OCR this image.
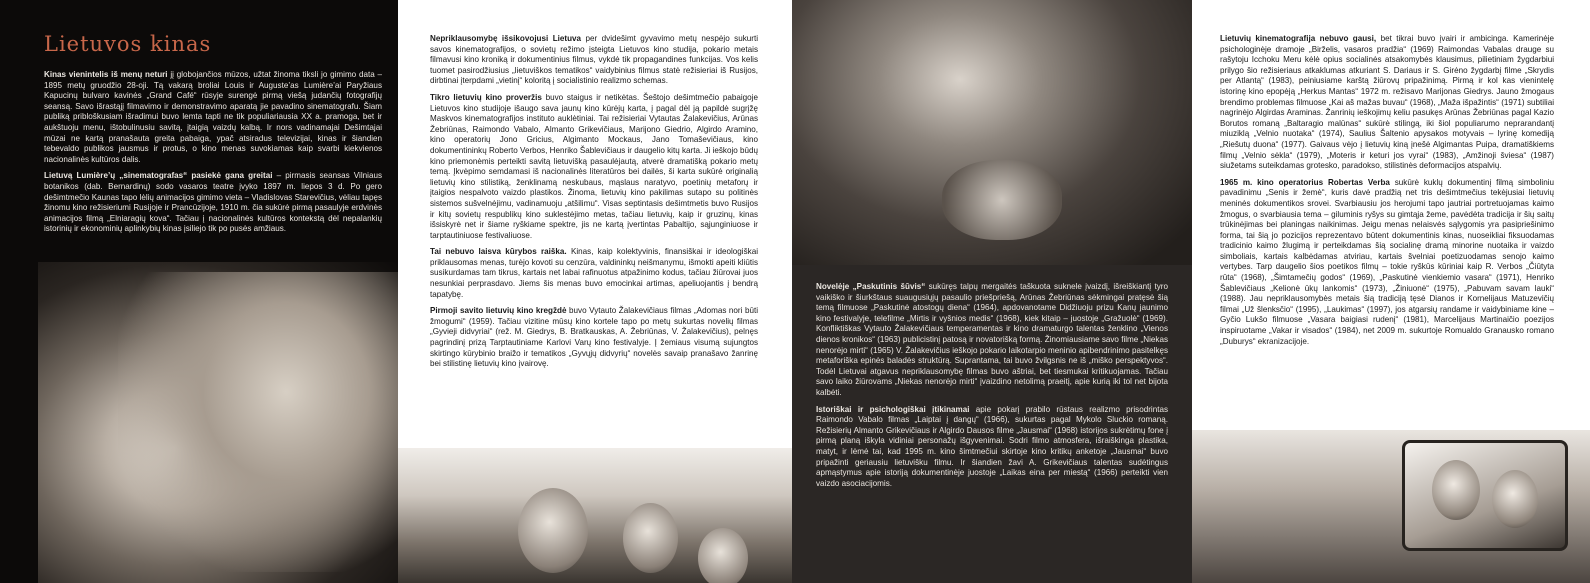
Lietuvos kinas

Kinas vienintelis iš menų neturi jį globojančios mūzos, užtat žinoma tiksli jo gimimo data – 1895 metų gruodžio 28-oji. Tą vakarą broliai Louis ir Auguste’as Lumière’ai Paryžiaus Kapucinų bulvaro kavinės „Grand Café“ rūsyje surengė pirmą viešą judančių fotografijų seansą. Savo išrastąjį filmavimo ir demonstravimo aparatą jie pavadino sinematografu. Šiam publiką pribloškusiam išradimui buvo lemta tapti ne tik populiariausia XX a. pramoga, bet ir aukštuoju menu, ištobulinusiu savitą, įtaigią vaizdų kalbą. Ir nors vadinamajai Dešimtajai mūzai ne kartą pranašauta greita pabaiga, ypač atsiradus televizijai, kinas ir šiandien tebevaldo publikos jausmus ir protus, o kino menas suvokiamas kaip svarbi kiekvienos nacionalinės kultūros dalis.

Lietuvą Lumière’ų „sinematografas“ pasiekė gana greitai – pirmasis seansas Vilniaus botanikos (dab. Bernardinų) sodo vasaros teatre įvyko 1897 m. liepos 3 d. Po gero dešimtmečio Kaunas tapo lėlių animacijos gimimo vieta – Vladislovas Starevičius, vėliau tapęs žinomu kino režisieriumi Rusijoje ir Prancūzijoje, 1910 m. čia sukūrė pirmą pasaulyje erdvinės animacijos filmą „Elniaragių kova“. Tačiau į nacionalinės kultūros kontekstą dėl nepalankių istorinių ir ekonominių aplinkybių kinas įsiliejo tik po pusės amžiaus.

Nepriklausomybę išsikovojusi Lietuva per dvidešimt gyvavimo metų nespėjo sukurti savos kinematografijos, o sovietų režimo įsteigta Lietuvos kino studija, pokario metais filmavusi kino kroniką ir dokumentinius filmus, vykdė tik propagandines funkcijas. Vos kelis tuomet pasirodžiusius „lietuviškos tematikos“ vaidybinius filmus statė režisieriai iš Rusijos, dirbtinai įterpdami „vietinį“ koloritą į socialistinio realizmo schemas.

Tikro lietuvių kino proveržis buvo staigus ir netikėtas. Šeštojo dešimtmečio pabaigoje Lietuvos kino studijoje išaugo sava jaunų kino kūrėjų karta, į pagal dėl ją papildė sugrįžę Maskvos kinematografijos instituto auklėtiniai. Tai režisieriai Vytautas Žalakevičius, Arūnas Žebriūnas, Raimondo Vabalo, Almanto Grikevičiaus, Marijono Giedrio, Algirdo Aramino, kino operatorių Jono Gricius, Algimanto Mockaus, Jano Tomaševičiaus, kino dokumentininkų Roberto Verbos, Henriko Šablevičiaus ir daugelio kitų karta. Ji ieškojo būdų kino priemonėmis perteikti savitą lietuvišką pasaulėjautą, atverė dramatišką pokario metų temą. Įkvėpimo semdamasi iš nacionalinės literatūros bei dailės, ši karta sukūrė originalią lietuvių kino stilistiką, ženklinamą neskubaus, mąslaus naratyvo, poetinių metaforų ir įtaigios nespalvoto vaizdo plastikos. Žinoma, lietuvių kino pakilimas sutapo su politinės sistemos sušvelnėjimu, vadinamuoju „atšilimu“. Visas septintasis dešimtmetis buvo Rusijos ir kitų sovietų respublikų kino suklestėjimo metas, tačiau lietuvių, kaip ir gruzinų, kinas išsiskyrė net ir šiame ryškiame spektre, jis ne kartą įvertintas Pabaltijo, sąjunginiuose ir tarptautiniuose festivaliuose.

Tai nebuvo laisva kūrybos raiška. Kinas, kaip kolektyvinis, finansiškai ir ideologiškai priklausomas menas, turėjo kovoti su cenzūra, valdininkų neišmanymu, išmokti apeiti kliūtis susikurdamas tam tikrus, kartais net labai rafinuotus atpažinimo kodus, tačiau žiūrovai juos nesunkiai perprasdavo. Jiems šis menas buvo emocinkai artimas, apeliuojantis į bendrą tapatybę.

Pirmoji savito lietuvių kino kregždė buvo Vytauto Žalakevičiaus filmas „Adomas nori būti žmogumi“ (1959). Tačiau vizitine mūsų kino kortele tapo po metų sukurtas novelių filmas „Gyvieji didvyriai“ (rež. M. Giedrys, B. Bratkauskas, A. Žebriūnas, V. Žalakevičius), pelnęs pagrindinį prizą Tarptautiniame Karlovi Varų kino festivalyje. Į žemiaus visumą sujungtos skirtingo kūrybinio braižo ir tematikos „Gyvųjų didvyrių“ novelės savaip pranašavo žanrinę bei stilistinę lietuvių kino įvairovę.

Novelėje „Paskutinis šūvis“ sukūręs talpų mergaitės taškuota suknele įvaizdį, išreiškiantį tyro vaikiško ir šiurkštaus suaugusiųjų pasaulio priešpriešą, Arūnas Žebriūnas sėkmingai pratęsė šią temą filmuose „Paskutinė atostogų diena“ (1964), apdovanotame Didžiuoju prizu Kanų jaunimo kino festivalyje, telefilme „Mirtis ir vyšnios medis“ (1968), kiek kitaip – juostoje „Gražuolė“ (1969). Konfliktiškas Vytauto Žalakevičiaus temperamentas ir kino dramaturgo talentas ženklino „Vienos dienos kronikos“ (1963) publicistinį patosą ir novatorišką formą. Žinomiausiame savo filme „Niekas nenorėjo mirti“ (1965) V. Žalakevičius ieškojo pokario laikotarpio meninio apibendrinimo pasitelkęs metaforiška epinės baladės struktūrą. Suprantama, tai buvo žvilgsnis ne iš „miško perspektyvos“. Todėl Lietuvai atgavus nepriklausomybę filmas buvo aštriai, bet tiesmukai kritikuojamas. Tačiau savo laiko žiūrovams „Niekas nenorėjo mirti“ įvaizdino netolimą praeitį, apie kurią iki tol net bijota kalbėti.

Istoriškai ir psichologiškai įtikinamai apie pokarį prabilo rūstaus realizmo prisodrintas Raimondo Vabalo filmas „Laiptai į dangų“ (1966), sukurtas pagal Mykolo Sluckio romaną. Režisierių Almanto Grikevičiaus ir Algirdo Dausos filme „Jausmai“ (1968) istorijos sukrėtimų fone į pirmą planą iškyla vidiniai personažų išgyvenimai. Sodri filmo atmosfera, išraiškinga plastika, matyt, ir lėmė tai, kad 1995 m. kino šimtmečiui skirtoje kino kritikų anketoje „Jausmai“ buvo pripažinti geriausiu lietuvišku filmu. Ir šiandien žavi A. Grikevičiaus talentas sudėtingus apmąstymus apie istoriją dokumentinėje juostoje „Laikas eina per miestą“ (1966) perteikti vien vaizdo asociacijomis.

Lietuvių kinematografija nebuvo gausi, bet tikrai buvo įvairi ir ambicinga. Kamerinėje psichologinėje dramoje „Birželis, vasaros pradžia“ (1969) Raimondas Vabalas drauge su rašytoju Icchoku Meru kėlė opius socialinės atsakomybės klausimus, pilietiniam žygdarbiui prilygo šio režisieriaus atkaklumas atkuriant S. Dariaus ir S. Girėno žygdarbį filme „Skrydis per Atlantą“ (1983), peiniusiame karštą žiūrovų pripažinimą. Pirmą ir kol kas vienintelę istorinę kino epopėją „Herkus Mantas“ 1972 m. režisavo Marijonas Giedrys. Jauno žmogaus brendimo problemas filmuose „Kai aš mažas buvau“ (1968), „Maža išpažintis“ (1971) subtiliai nagrinėjo Algirdas Araminas. Žanrinių ieškojimų keliu pasukęs Arūnas Žebriūnas pagal Kazio Borutos romaną „Baltaragio malūnas“ sukūrė stilingą, iki šiol populiarumo neprarandantį miuziklą „Velnio nuotaka“ (1974), Saulius Šaltenio apysakos motyvais – lyrinę komediją „Riešutų duona“ (1977). Gaivaus vėjo į lietuvių kiną įnešė Algimantas Puipa, dramatiškiems filmų „Velnio sėkla“ (1979), „Moteris ir keturi jos vyrai“ (1983), „Amžinoji šviesa“ (1987) siužetams suteikdamas grotesko, paradokso, stilistinės deformacijos atspalvių.

1965 m. kino operatorius Robertas Verba sukūrė kuklų dokumentinį filmą simboliniu pavadinimu „Senis ir žemė“, kuris davė pradžią net tris dešimtmečius tekėjusiai lietuvių meninės dokumentikos srovei. Svarbiausiu jos herojumi tapo jautriai portretuojamas kaimo žmogus, o svarbiausia tema – giluminis ryšys su gimtąja žeme, pavėdėta tradicija ir šių saitų trūkinėjimas bei planingas naikinimas. Jeigu menas nelaisvės sąlygomis yra pasipriešinimo forma, tai šią jo pozicijos reprezentavo būtent dokumentinis kinas, nuoseikliai fiksuodamas tradicinio kaimo žlugimą ir perteikdamas šią socialinę dramą minorine nuotaika ir vaizdo simboliais, kartais kalbėdamas atviriau, kartais švelniai poetizuodamas senojo kaimo vertybes. Tarp daugelio šios poetikos filmų – tokie ryškūs kūriniai kaip R. Verbos „Čiūtyta rūta“ (1968), „Šimtamečių godos“ (1969), „Paskutinė vienkiemio vasara“ (1971), Henriko Šablevičiaus „Kelionė ūkų lankomis“ (1973), „Žiniuonė“ (1975), „Pabuvam savam lauki“ (1988). Jau nepriklausomybės metais šią tradiciją tęsė Dianos ir Kornelijaus Matuzevičių filmai „Už šlenksčio“ (1995), „Laukimas“ (1997), jos atgarsių randame ir vaidybiniame kine – Gyčio Lukšo filmuose „Vasara baigiasi rudenį“ (1981), Marcelijaus Martinaičio poezijos inspiruotame „Vakar ir visados“ (1984), net 2009 m. sukurtoje Romualdo Granausko romano „Duburys“ ekranizacijoje.
